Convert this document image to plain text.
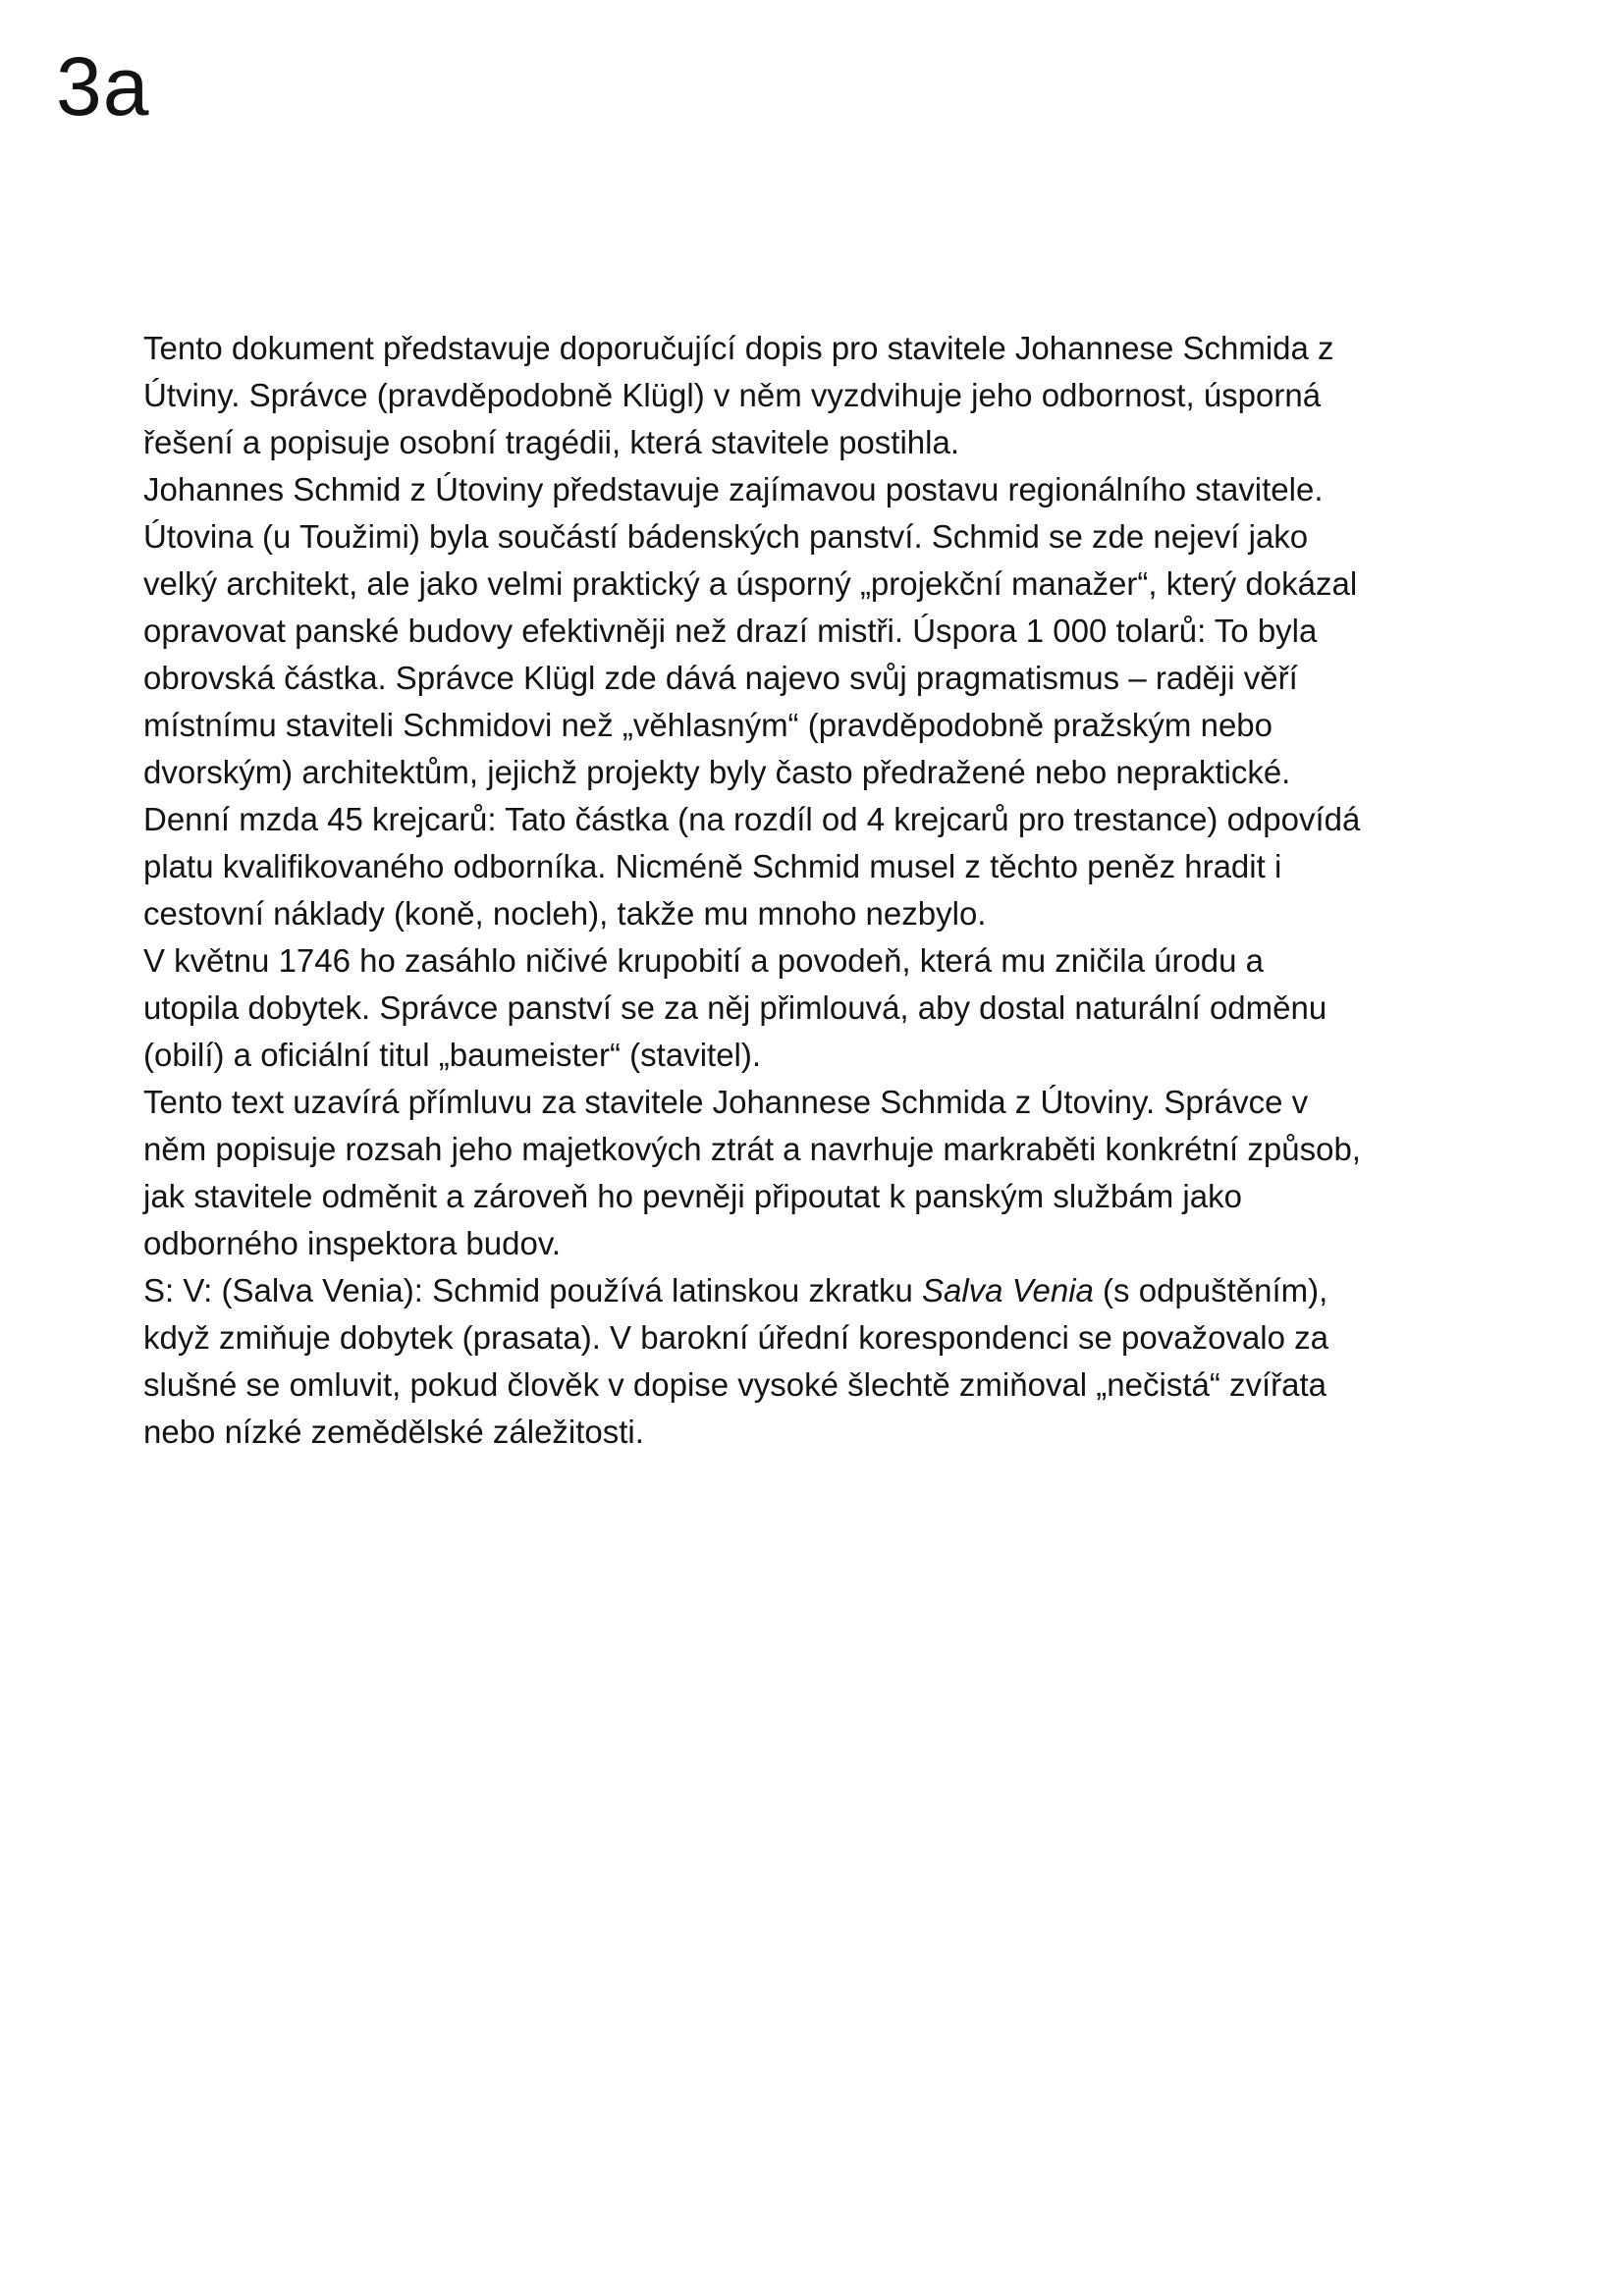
3a

Tento dokument představuje doporučující dopis pro stavitele Johannese Schmida z Útviny. Správce (pravděpodobně Klügl) v něm vyzdvihuje jeho odbornost, úsporná řešení a popisuje osobní tragédii, která stavitele postihla.

Johannes Schmid z Útoviny představuje zajímavou postavu regionálního stavitele. Útovina (u Toužimi) byla součástí bádenských panství. Schmid se zde nejeví jako velký architekt, ale jako velmi praktický a úsporný „projekční manažer“, který dokázal opravovat panské budovy efektivněji než drazí mistři. Úspora 1 000 tolarů: To byla obrovská částka. Správce Klügl zde dává najevo svůj pragmatismus – raději věří místnímu staviteli Schmidovi než „věhlasným“ (pravděpodobně pražským nebo dvorským) architektům, jejichž projekty byly často předražené nebo nepraktické.

Denní mzda 45 krejcarů: Tato částka (na rozdíl od 4 krejcarů pro trestance) odpovídá platu kvalifikovaného odborníka. Nicméně Schmid musel z těchto peněz hradit i cestovní náklady (koně, nocleh), takže mu mnoho nezbylo.

V květnu 1746 ho zasáhlo ničivé krupobití a povodeň, která mu zničila úrodu a utopila dobytek. Správce panství se za něj přimlouvá, aby dostal naturální odměnu (obilí) a oficiální titul „baumeister“ (stavitel).

Tento text uzavírá přímluvu za stavitele Johannese Schmida z Útoviny. Správce v něm popisuje rozsah jeho majetkových ztrát a navrhuje markraběti konkrétní způsob, jak stavitele odměnit a zároveň ho pevněji připoutat k panským službám jako odborného inspektora budov.

S: V: (Salva Venia): Schmid používá latinskou zkratku Salva Venia (s odpuštěním), když zmiňuje dobytek (prasata). V barokní úřední korespondenci se považovalo za slušné se omluvit, pokud člověk v dopise vysoké šlechtě zmiňoval „nečistá“ zvířata nebo nízké zemědělské záležitosti.
